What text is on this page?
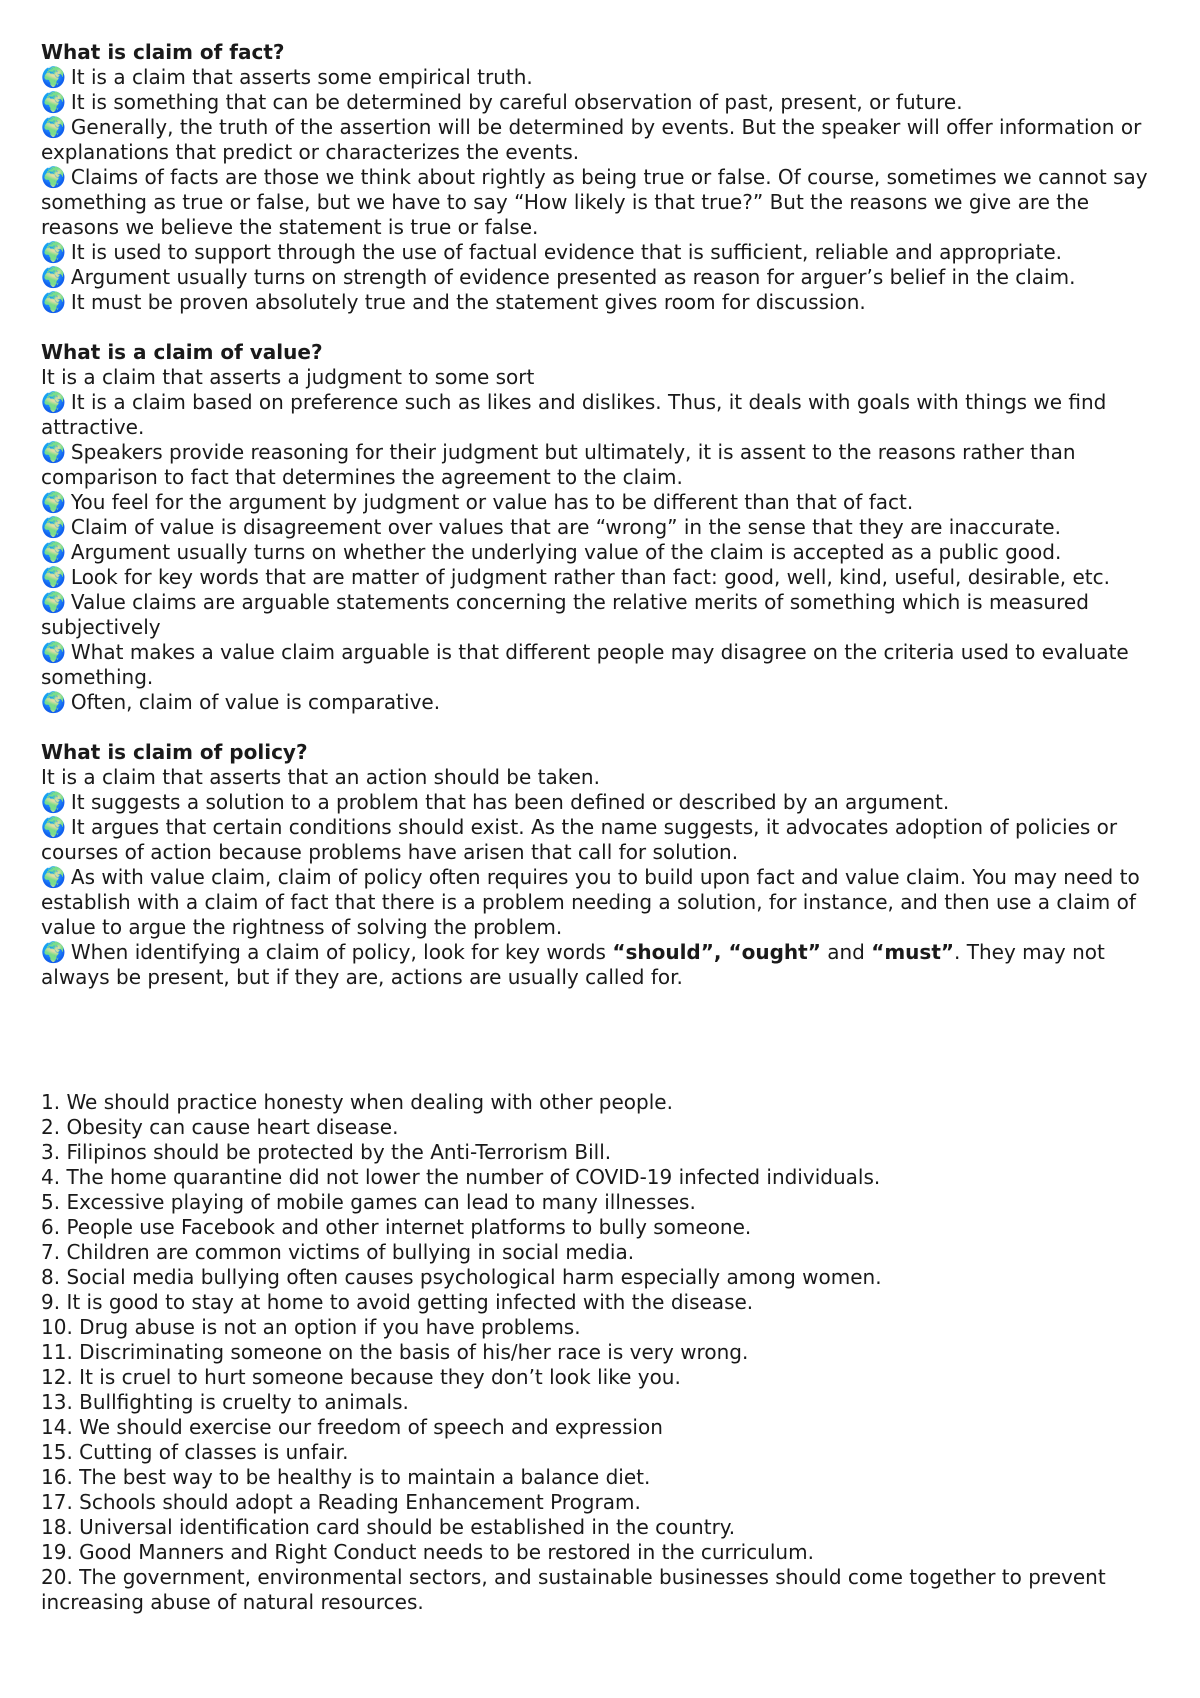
What is claim of fact?

🌍 It is a claim that asserts some empirical truth.

🌍 It is something that can be determined by careful observation of past, present, or future.

🌍 Generally, the truth of the assertion will be determined by events. But the speaker will offer information or explanations that predict or characterizes the events.

🌍 Claims of facts are those we think about rightly as being true or false. Of course, sometimes we cannot say something as true or false, but we have to say “How likely is that true?” But the reasons we give are the reasons we believe the statement is true or false.

🌍 It is used to support through the use of factual evidence that is sufficient, reliable and appropriate.

🌍 Argument usually turns on strength of evidence presented as reason for arguer’s belief in the claim.

🌍 It must be proven absolutely true and the statement gives room for discussion.

What is a claim of value?

It is a claim that asserts a judgment to some sort

🌍 It is a claim based on preference such as likes and dislikes. Thus, it deals with goals with things we find attractive.

🌍 Speakers provide reasoning for their judgment but ultimately, it is assent to the reasons rather than comparison to fact that determines the agreement to the claim.

🌍 You feel for the argument by judgment or value has to be different than that of fact.

🌍 Claim of value is disagreement over values that are “wrong” in the sense that they are inaccurate.

🌍 Argument usually turns on whether the underlying value of the claim is accepted as a public good.

🌍 Look for key words that are matter of judgment rather than fact: good, well, kind, useful, desirable, etc.

🌍 Value claims are arguable statements concerning the relative merits of something which is measured subjectively

🌍 What makes a value claim arguable is that different people may disagree on the criteria used to evaluate something.

🌍 Often, claim of value is comparative.

What is claim of policy?

It is a claim that asserts that an action should be taken.

🌍 It suggests a solution to a problem that has been defined or described by an argument.

🌍 It argues that certain conditions should exist. As the name suggests, it advocates adoption of policies or courses of action because problems have arisen that call for solution.

🌍 As with value claim, claim of policy often requires you to build upon fact and value claim. You may need to establish with a claim of fact that there is a problem needing a solution, for instance, and then use a claim of value to argue the rightness of solving the problem.

🌍 When identifying a claim of policy, look for key words “should”, “ought” and “must”. They may not always be present, but if they are, actions are usually called for.

1. We should practice honesty when dealing with other people.

2. Obesity can cause heart disease.

3. Filipinos should be protected by the Anti-Terrorism Bill.

4. The home quarantine did not lower the number of COVID-19 infected individuals.

5. Excessive playing of mobile games can lead to many illnesses.

6. People use Facebook and other internet platforms to bully someone.

7. Children are common victims of bullying in social media.

8. Social media bullying often causes psychological harm especially among women.

9. It is good to stay at home to avoid getting infected with the disease.

10. Drug abuse is not an option if you have problems.

11. Discriminating someone on the basis of his/her race is very wrong.

12. It is cruel to hurt someone because they don’t look like you.

13. Bullfighting is cruelty to animals.

14. We should exercise our freedom of speech and expression

15. Cutting of classes is unfair.

16. The best way to be healthy is to maintain a balance diet.

17. Schools should adopt a Reading Enhancement Program.

18. Universal identification card should be established in the country.

19. Good Manners and Right Conduct needs to be restored in the curriculum.

20. The government, environmental sectors, and sustainable businesses should come together to prevent increasing abuse of natural resources.
